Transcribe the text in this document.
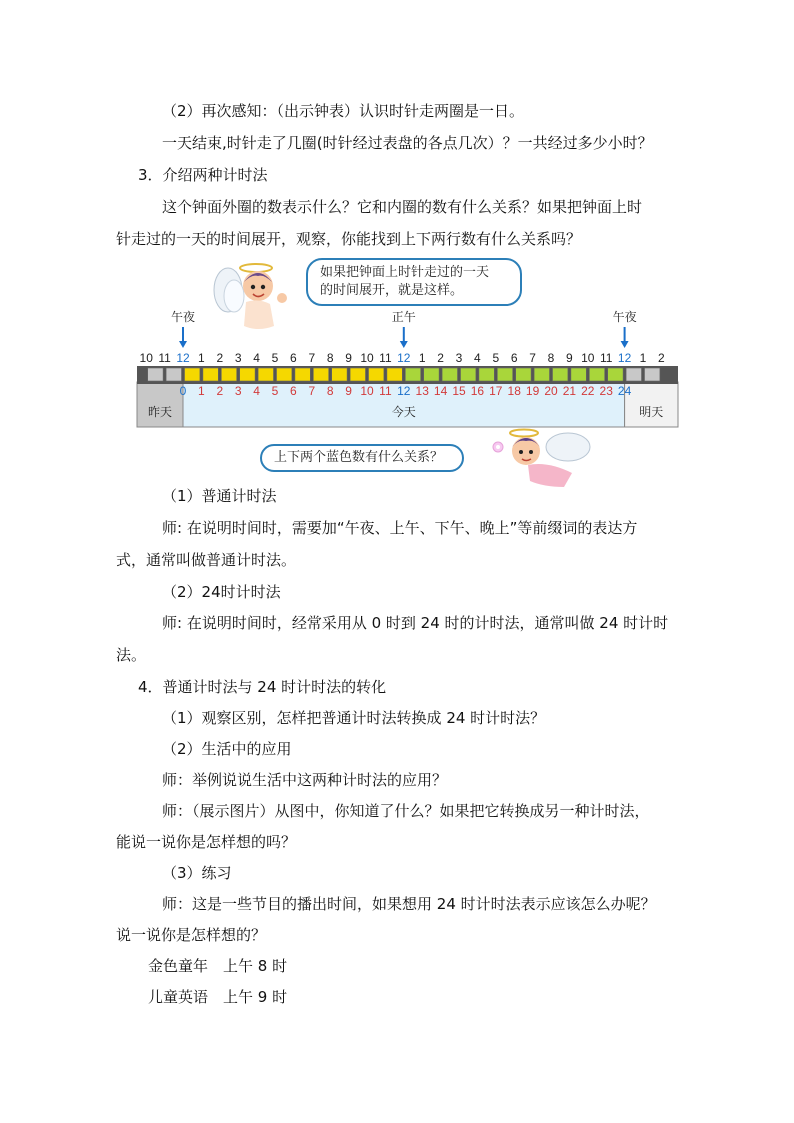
（2）再次感知：（出示钟表）认识时针走两圈是一日。
一天结束,时针走了几圈(时针经过表盘的各点几次）？一共经过多少小时？
3．介绍两种计时法
这个钟面外圈的数表示什么？它和内圈的数有什么关系？如果把钟面上时
针走过的一天的时间展开，观察，你能找到上下两行数有什么关系吗？
如果把钟面上时针走过的一天
的时间展开，就是这样。
10 11 12 1 2 3 4 5 6 7 8 9 10 11 12 1 2 3 4 5 6 7 8 9 10 11 12 1 2
0 1 2 3 4 5 6 7 8 9 10 11 12 13 14 15 16 17 18 19 20 21 22 23 24
午夜	正午	午夜
昨天	今天	明天
上下两个蓝色数有什么关系？
（1）普通计时法
师: 在说明时间时，需要加“午夜、上午、下午、晚上”等前缀词的表达方
式，通常叫做普通计时法。
（2）24时计时法
师: 在说明时间时，经常采用从 0 时到 24 时的计时法，通常叫做 24 时计时
法。
4．普通计时法与 24 时计时法的转化
（1）观察区别，怎样把普通计时法转换成 24 时计时法？
（2）生活中的应用
师：举例说说生活中这两种计时法的应用？
师：（展示图片）从图中，你知道了什么？如果把它转换成另一种计时法，
能说一说你是怎样想的吗？
（3）练习
师：这是一些节目的播出时间，如果想用 24 时计时法表示应该怎么办呢？
说一说你是怎样想的？
金色童年　上午 8 时
儿童英语　上午 9 时
